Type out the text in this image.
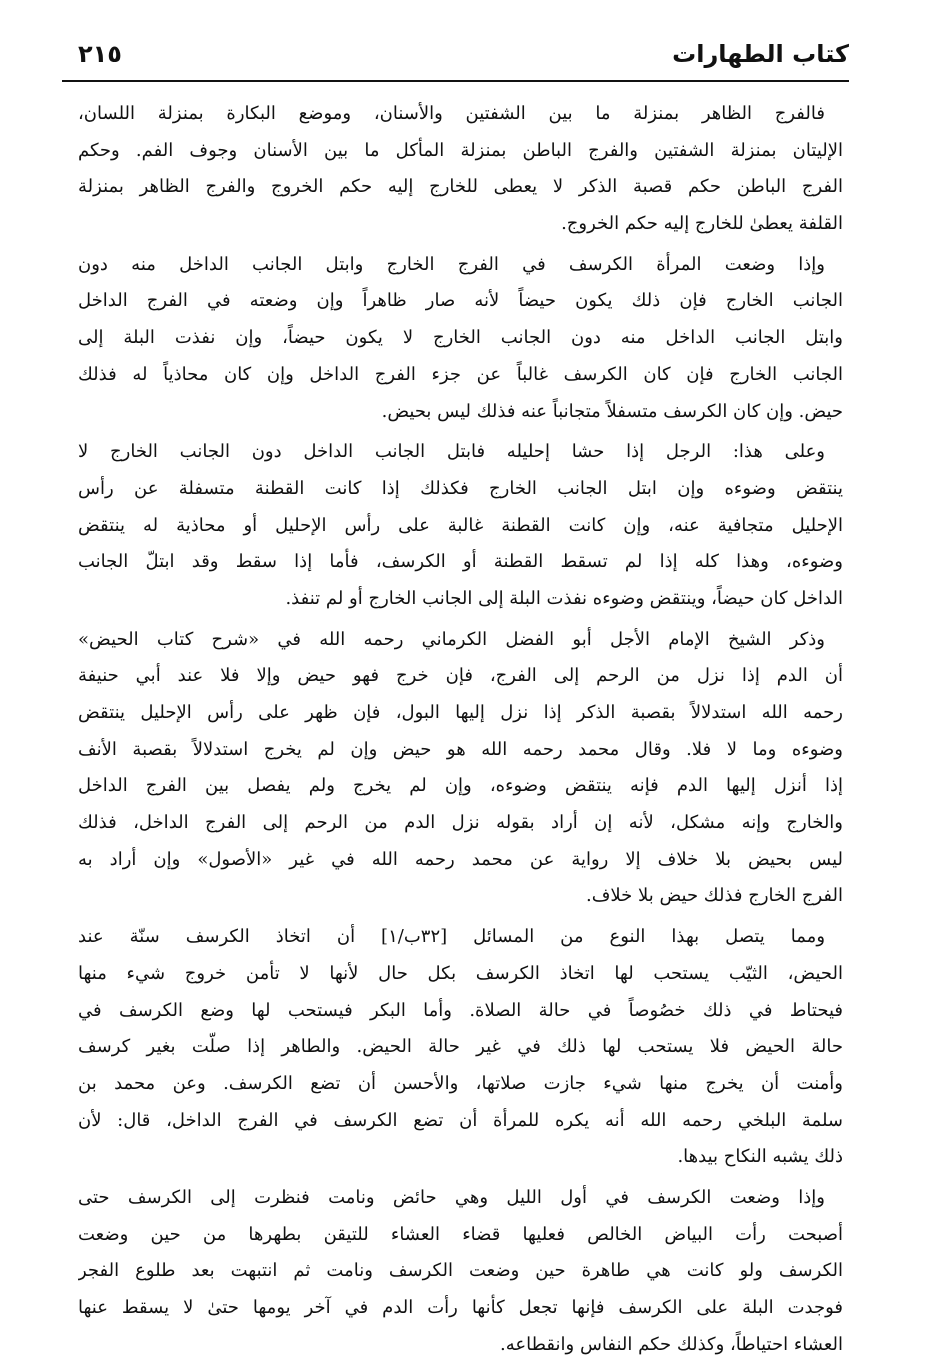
كتاب الطهارات
٢١٥
فالفرج الظاهر بمنزلة ما بين الشفتين والأسنان، وموضع البكارة بمنزلة اللسان،
الإليتان بمنزلة الشفتين والفرج الباطن بمنزلة المأكل ما بين الأسنان وجوف الفم. وحكم
الفرج الباطن حكم قصبة الذكر لا يعطى للخارج إليه حكم الخروج والفرج الظاهر بمنزلة
القلفة يعطىٰ للخارج إليه حكم الخروج.
وإذا وضعت المرأة الكرسف في الفرج الخارج وابتل الجانب الداخل منه دون
الجانب الخارج فإن ذلك يكون حيضاً لأنه صار ظاهراً وإن وضعته في الفرج الداخل
وابتل الجانب الداخل منه دون الجانب الخارج لا يكون حيضاً، وإن نفذت البلة إلى
الجانب الخارج فإن كان الكرسف غالباً عن جزء الفرج الداخل وإن كان محاذياً له فذلك
حيض. وإن كان الكرسف متسفلاً متجانباً عنه فذلك ليس بحيض.
وعلى هذا: الرجل إذا حشا إحليله فابتل الجانب الداخل دون الجانب الخارج لا
ينتقض وضوءه وإن ابتل الجانب الخارج فكذلك إذا كانت القطنة متسفلة عن رأس
الإحليل متجافية عنه، وإن كانت القطنة غالبة على رأس الإحليل أو محاذية له ينتقض
وضوءه، وهذا كله إذا لم تسقط القطنة أو الكرسف، فأما إذا سقط وقد ابتلّ الجانب
الداخل كان حيضاً، وينتقض وضوءه نفذت البلة إلى الجانب الخارج أو لم تنفذ.
وذكر الشيخ الإمام الأجل أبو الفضل الكرماني رحمه الله في «شرح كتاب الحيض»
أن الدم إذا نزل من الرحم إلى الفرج، فإن خرج فهو حيض وإلا فلا عند أبي حنيفة
رحمه الله استدلالاً بقصبة الذكر إذا نزل إليها البول، فإن ظهر على رأس الإحليل ينتقض
وضوءه وما لا فلا. وقال محمد رحمه الله هو حيض وإن لم يخرج استدلالاً بقصبة الأنف
إذا أنزل إليها الدم فإنه ينتقض وضوءه، وإن لم يخرج ولم يفصل بين الفرج الداخل
والخارج وإنه مشكل، لأنه إن أراد بقوله نزل الدم من الرحم إلى الفرج الداخل، فذلك
ليس بحيض بلا خلاف إلا رواية عن محمد رحمه الله في غير «الأصول» وإن أراد به
الفرج الخارج فذلك حيض بلا خلاف.
ومما يتصل بهذا النوع من المسائل [٣٢ب/١] أن اتخاذ الكرسف سنّة عند
الحيض، الثيّب يستحب لها اتخاذ الكرسف بكل حال لأنها لا تأمن خروج شيء منها
فيحتاط في ذلك خصُوصاً في حالة الصلاة. وأما البكر فيستحب لها وضع الكرسف في
حالة الحيض فلا يستحب لها ذلك في غير حالة الحيض. والطاهر إذا صلّت بغير كرسف
وأمنت أن يخرج منها شيء جازت صلاتها، والأحسن أن تضع الكرسف. وعن محمد بن
سلمة البلخي رحمه الله أنه يكره للمرأة أن تضع الكرسف في الفرج الداخل، قال: لأن
ذلك يشبه النكاح بيدها.
وإذا وضعت الكرسف في أول الليل وهي حائض ونامت فنظرت إلى الكرسف حتى
أصبحت رأت البياض الخالص فعليها قضاء العشاء للتيقن بطهرها من حين وضعت
الكرسف ولو كانت هي طاهرة حين وضعت الكرسف ونامت ثم انتبهت بعد طلوع الفجر
فوجدت البلة على الكرسف فإنها تجعل كأنها رأت الدم في آخر يومها حتىٰ لا يسقط عنها
العشاء احتياطاً، وكذلك حكم النفاس وانقطاعه.
